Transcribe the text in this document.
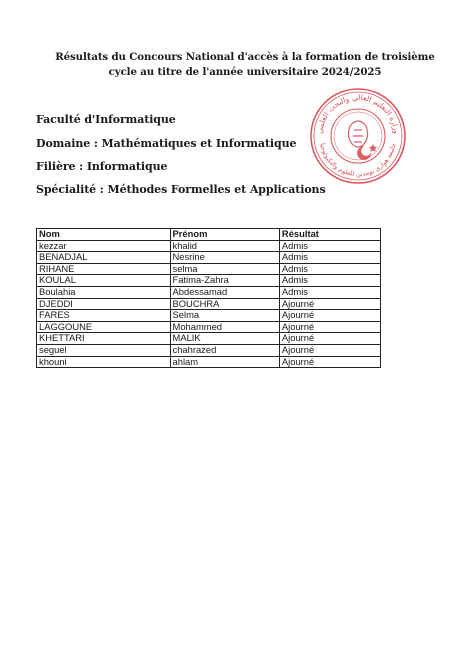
Résultats du Concours National d'accès à la formation de troisième
cycle au titre de l'année universitaire 2024/2025
Faculté d'Informatique
Domaine : Mathématiques et Informatique
Filière : Informatique
Spécialité : Méthodes Formelles et Applications
وزارة التعليم العالي والبحث العلمي
جامعة هواري بومدين للعلوم والتكنولوجيا
Nom	Prénom	Résultat
kezzar	khalid	Admis
BENADJAL	Nesrine	Admis
RIHANE	selma	Admis
KOULAL	Fatima-Zahra	Admis
Boulahia	Abdessamad	Admis
DJEDDI	BOUCHRA	Ajourné
FARES	Selma	Ajourné
LAGGOUNE	Mohammed	Ajourné
KHETTARI	MALIK	Ajourné
seguel	chahrazed	Ajourné
khouni	ahlam	Ajourné
